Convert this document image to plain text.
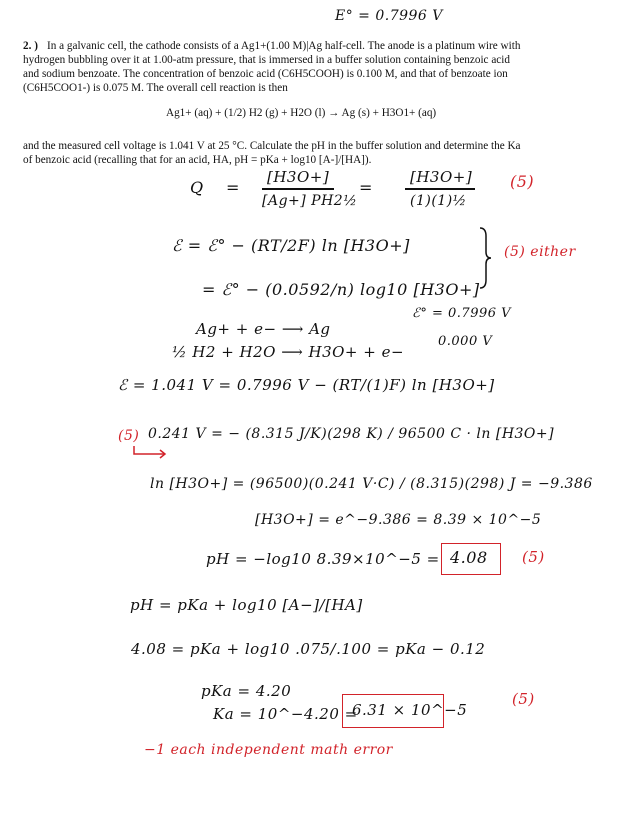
E° = 0.7996 V
2. ) In a galvanic cell, the cathode consists of a Ag1+(1.00 M)|Ag half-cell. The anode is a platinum wire with
hydrogen bubbling over it at 1.00-atm pressure, that is immersed in a buffer solution containing benzoic acid
and sodium benzoate. The concentration of benzoic acid (C6H5COOH) is 0.100 M, and that of benzoate ion
(C6H5COO1-) is 0.075 M. The overall cell reaction is then
Ag1+ (aq) + (1/2) H2 (g) + H2O (l) → Ag (s) + H3O1+ (aq)
and the measured cell voltage is 1.041 V at 25 °C. Calculate the pH in the buffer solution and determine the Ka
of benzoic acid (recalling that for an acid, HA, pH = pKa + log10 [A-]/[HA]).
Q =
[H3O+]
[Ag+] PH2½
=
[H3O+]
(1)(1)½
(5)
ℰ = ℰ° − (RT/2F) ln [H3O+]
= ℰ° − (0.0592/n) log10 [H3O+]
(5) either
Ag+ + e− ⟶ Ag
ℰ° = 0.7996 V
½ H2 + H2O ⟶ H3O+ + e−
0.000 V
ℰ = 1.041 V = 0.7996 V − (RT/(1)F) ln [H3O+]
(5) 0.241 V = − (8.315 J/K)(298 K) / 96500 C · ln [H3O+]
ln [H3O+] = (96500)(0.241 V·C) / (8.315)(298) J = −9.386
[H3O+] = e^−9.386 = 8.39 × 10^−5
pH = −log10 8.39×10^−5 = 4.08 (5)
pH = pKa + log10 [A−]/[HA]
4.08 = pKa + log10 .075/.100 = pKa − 0.12
pKa = 4.20
Ka = 10^−4.20 =
6.31 × 10^−5
(5)
−1 each independent math error
